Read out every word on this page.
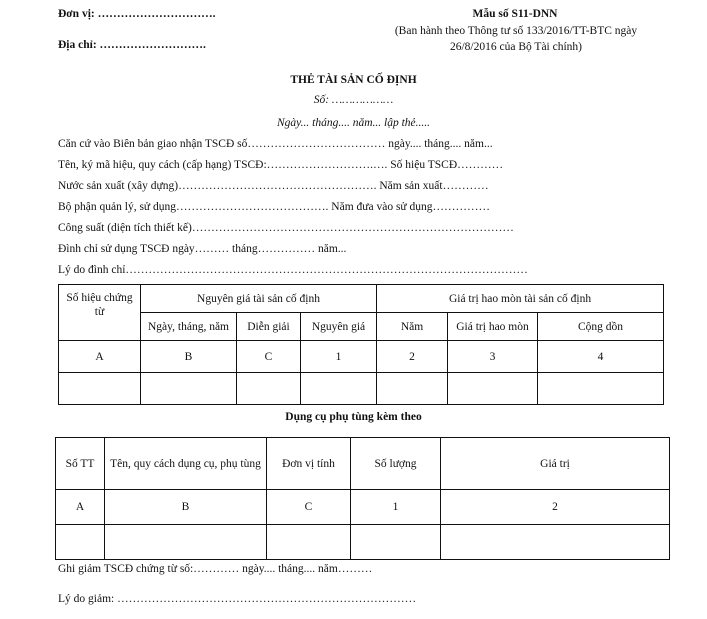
Đơn vị: ………………………….
Địa chỉ: ……………………….
Mẫu số S11-DNN
(Ban hành theo Thông tư số 133/2016/TT-BTC ngày
26/8/2016 của Bộ Tài chính)
THẺ TÀI SẢN CỐ ĐỊNH
Số: ………………
Ngày... tháng.... năm... lập thẻ.....
Căn cứ vào Biên bản giao nhận TSCĐ số……………………………… ngày.... tháng.... năm...
Tên, ký mã hiệu, quy cách (cấp hạng) TSCĐ:……………………….…. Số hiệu TSCĐ…………
Nước sản xuất (xây dựng)……………………………………………. Năm sản xuất…………
Bộ phận quản lý, sử dụng…………………………………. Năm đưa vào sử dụng……………
Công suất (diện tích thiết kế)…………………………………………………………………………
Đình chỉ sử dụng TSCĐ ngày……… tháng…………… năm...
Lý do đình chỉ……………………………………………………………………………………………
Số hiệu chứng từ	Nguyên giá tài sản cố định			Giá trị hao mòn tài sản cố định		
	Ngày, tháng, năm	Diễn giải	Nguyên giá	Năm	Giá trị hao mòn	Cộng dồn
A	B	C	1	2	3	4

Dụng cụ phụ tùng kèm theo
Số TT	Tên, quy cách dụng cụ, phụ tùng	Đơn vị tính	Số lượng	Giá trị
A	B	C	1	2

Ghi giảm TSCĐ chứng từ số:………… ngày.... tháng.... năm………
Lý do giảm: ……………………………………………………………………
